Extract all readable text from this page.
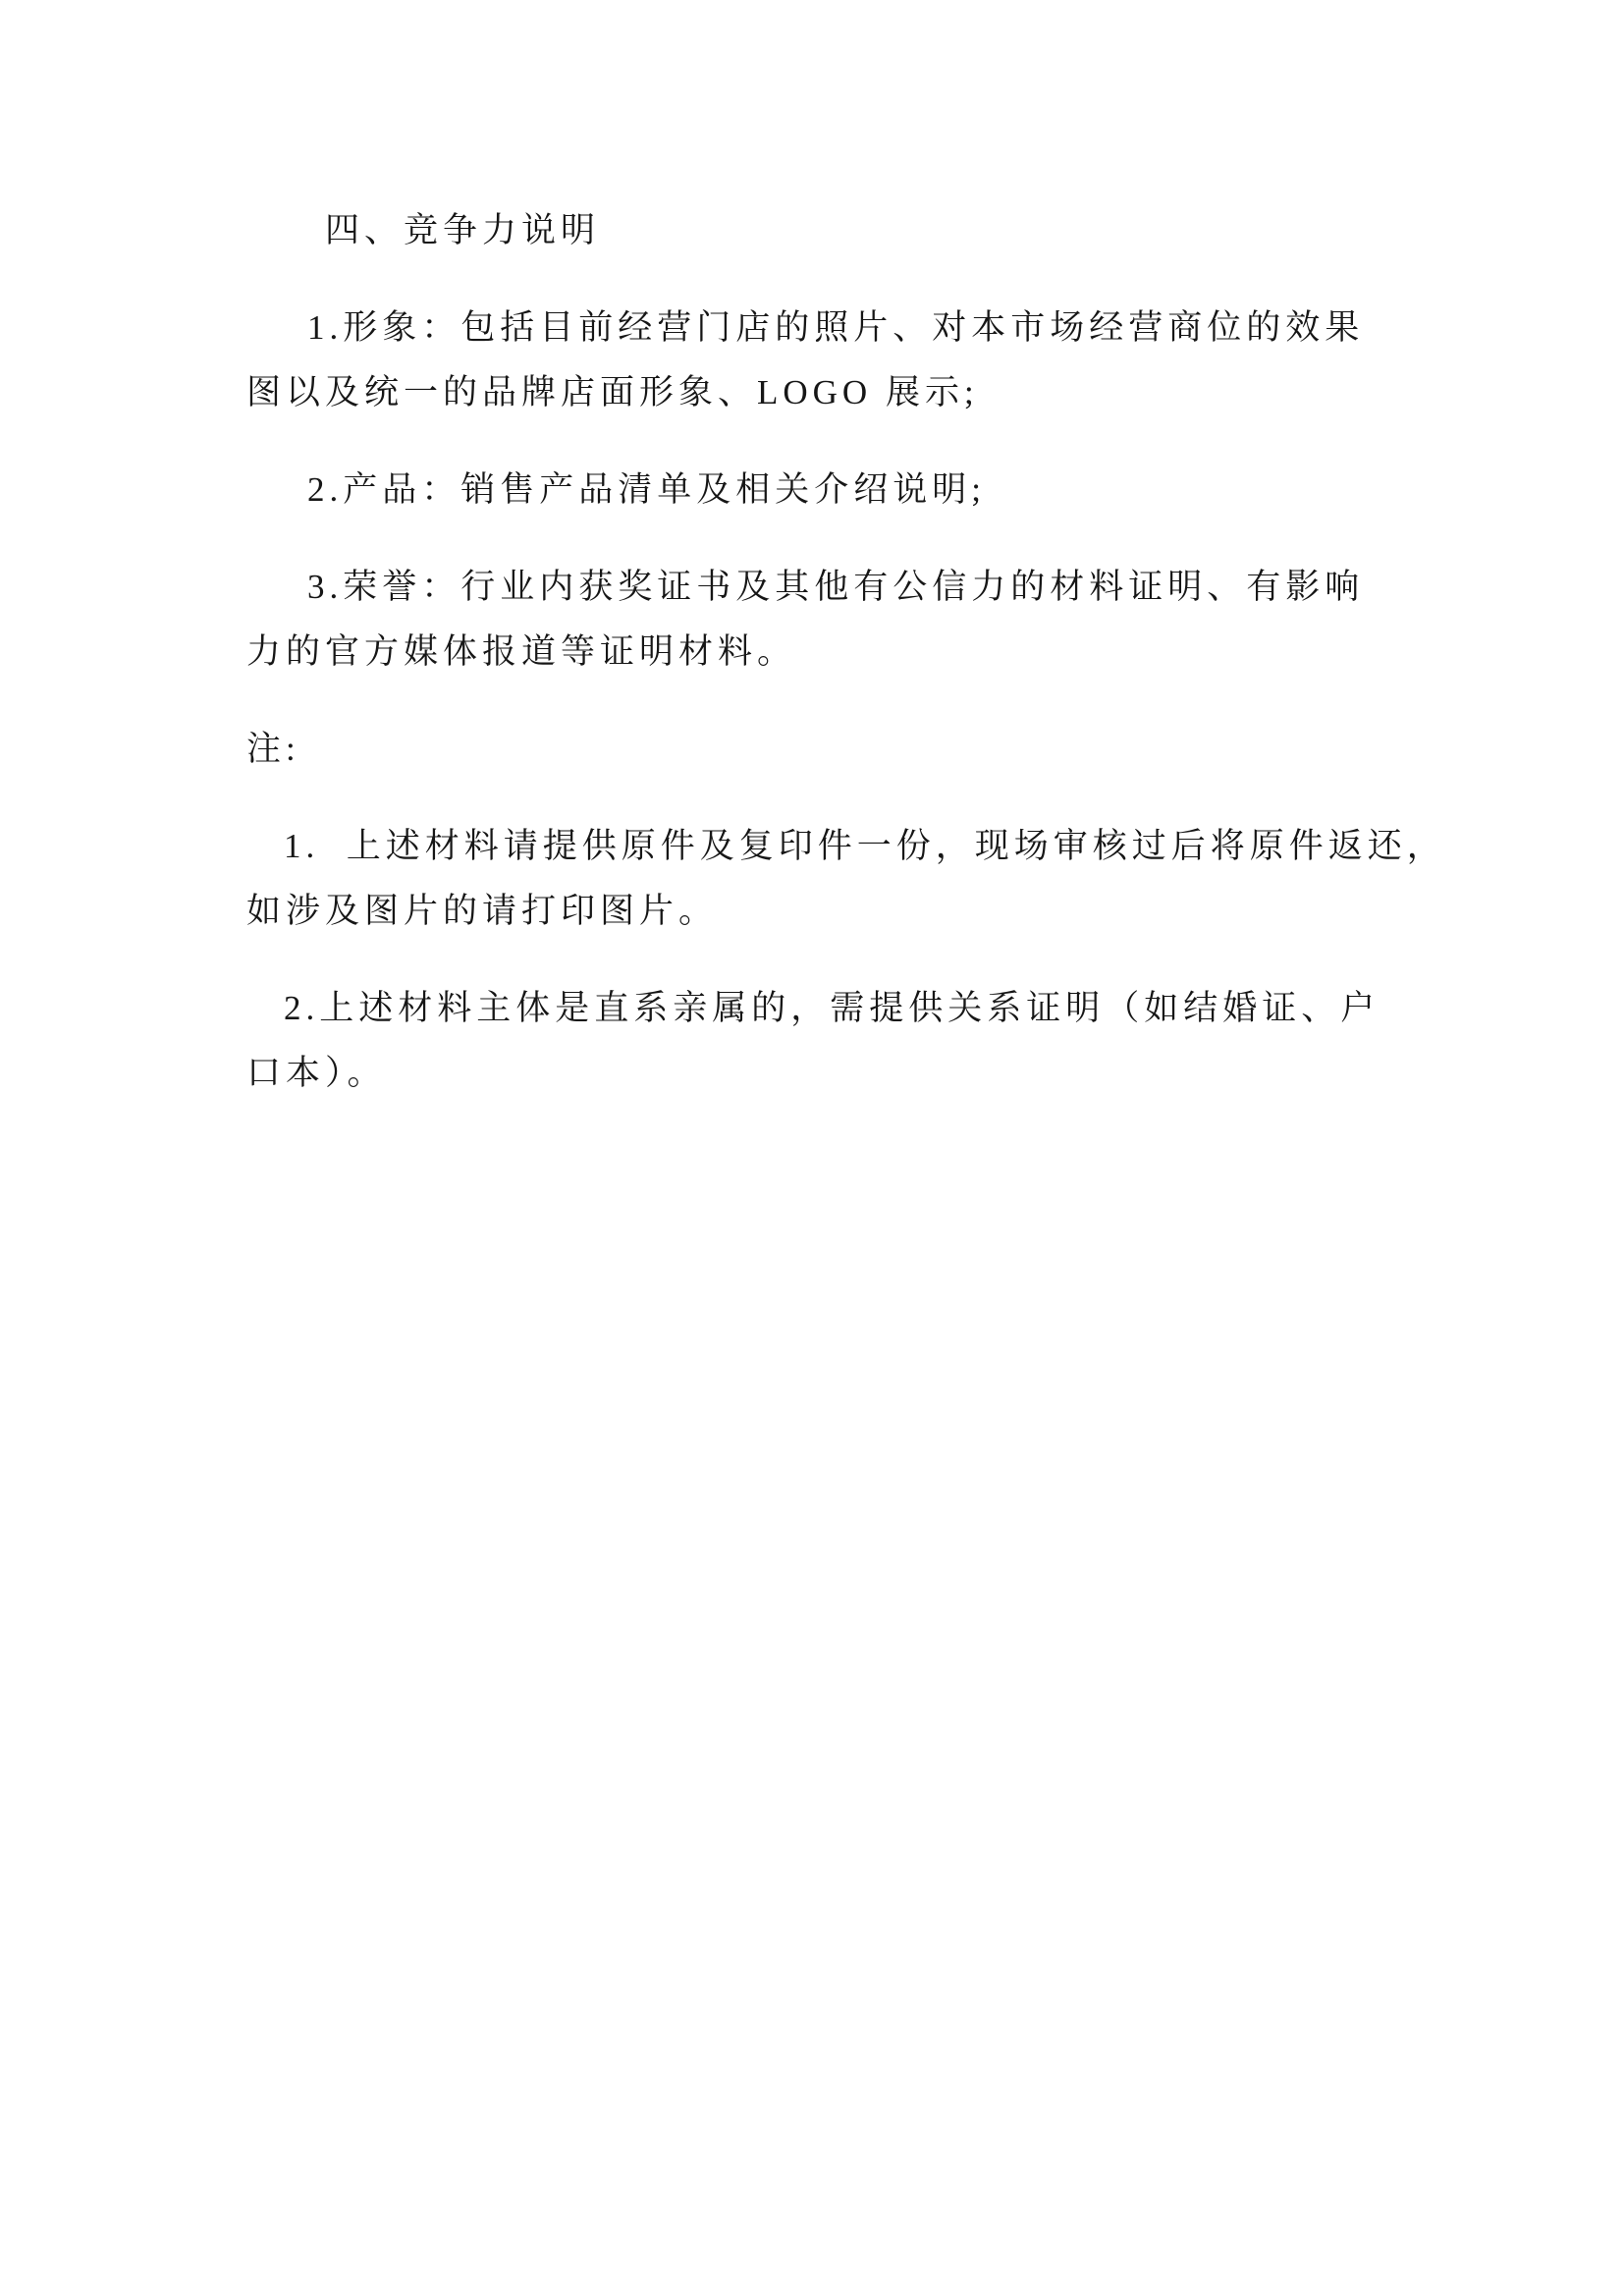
四、竞争力说明

1.形象：包括目前经营门店的照片、对本市场经营商位的效果

图以及统一的品牌店面形象、LOGO 展示;

2.产品：销售产品清单及相关介绍说明;

3.荣誉：行业内获奖证书及其他有公信力的材料证明、有影响

力的官方媒体报道等证明材料。

注:

1.  上述材料请提供原件及复印件一份，现场审核过后将原件返还，

如涉及图片的请打印图片。

2.上述材料主体是直系亲属的，需提供关系证明（如结婚证、户

口本）。
